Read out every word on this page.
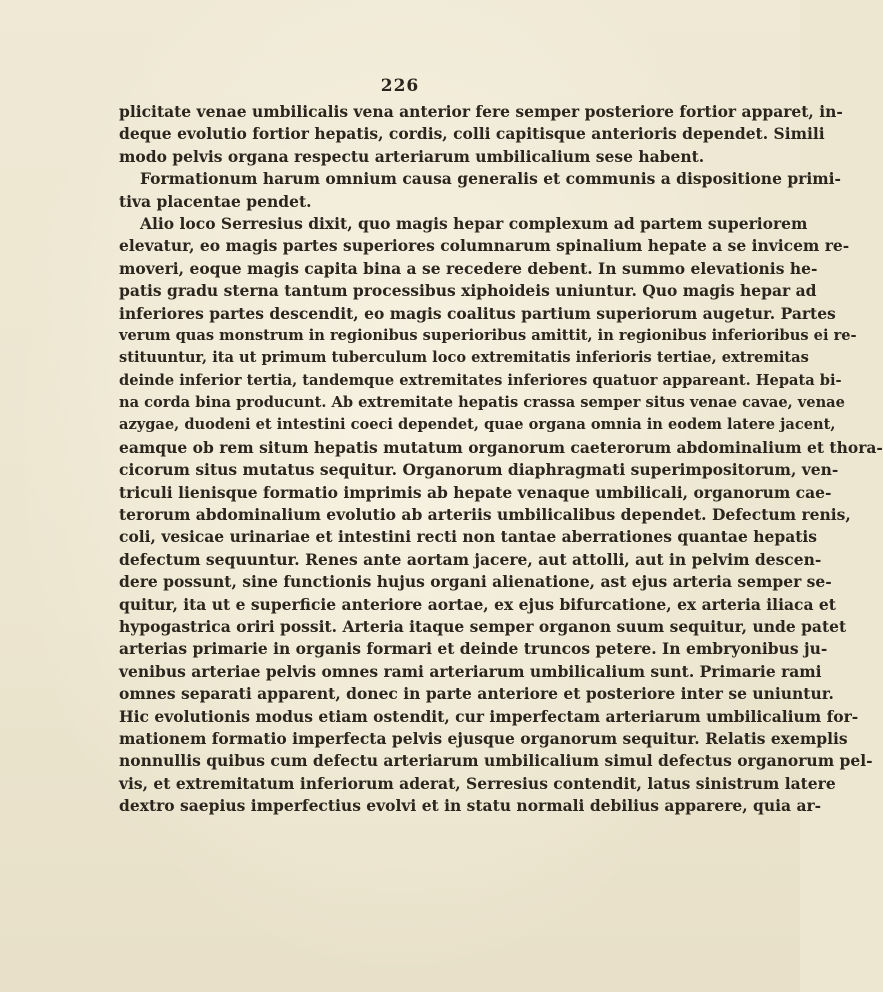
226
plicitate venae umbilicalis vena anterior fere semper posteriore fortior apparet, in-
deque evolutio fortior hepatis, cordis, colli capitisque anterioris dependet. Simili
modo pelvis organa respectu arteriarum umbilicalium sese habent.
Formationum harum omnium causa generalis et communis a dispositione primi-
tiva placentae pendet.
Alio loco Serresius dixit, quo magis hepar complexum ad partem superiorem
elevatur, eo magis partes superiores columnarum spinalium hepate a se invicem re-
moveri, eoque magis capita bina a se recedere debent. In summo elevationis he-
patis gradu sterna tantum processibus xiphoideis uniuntur. Quo magis hepar ad
inferiores partes descendit, eo magis coalitus partium superiorum augetur. Partes
verum quas monstrum in regionibus superioribus amittit, in regionibus inferioribus ei re-
stituuntur, ita ut primum tuberculum loco extremitatis inferioris tertiae, extremitas
deinde inferior tertia, tandemque extremitates inferiores quatuor appareant. Hepata bi-
na corda bina producunt. Ab extremitate hepatis crassa semper situs venae cavae, venae
azygae, duodeni et intestini coeci dependet, quae organa omnia in eodem latere jacent,
eamque ob rem situm hepatis mutatum organorum caeterorum abdominalium et thora-
cicorum situs mutatus sequitur. Organorum diaphragmati superimpositorum, ven-
triculi lienisque formatio imprimis ab hepate venaque umbilicali, organorum cae-
terorum abdominalium evolutio ab arteriis umbilicalibus dependet. Defectum renis,
coli, vesicae urinariae et intestini recti non tantae aberrationes quantae hepatis
defectum sequuntur. Renes ante aortam jacere, aut attolli, aut in pelvim descen-
dere possunt, sine functionis hujus organi alienatione, ast ejus arteria semper se-
quitur, ita ut e superficie anteriore aortae, ex ejus bifurcatione, ex arteria iliaca et
hypogastrica oriri possit. Arteria itaque semper organon suum sequitur, unde patet
arterias primarie in organis formari et deinde truncos petere. In embryonibus ju-
venibus arteriae pelvis omnes rami arteriarum umbilicalium sunt. Primarie rami
omnes separati apparent, donec in parte anteriore et posteriore inter se uniuntur.
Hic evolutionis modus etiam ostendit, cur imperfectam arteriarum umbilicalium for-
mationem formatio imperfecta pelvis ejusque organorum sequitur. Relatis exemplis
nonnullis quibus cum defectu arteriarum umbilicalium simul defectus organorum pel-
vis, et extremitatum inferiorum aderat, Serresius contendit, latus sinistrum latere
dextro saepius imperfectius evolvi et in statu normali debilius apparere, quia ar-
